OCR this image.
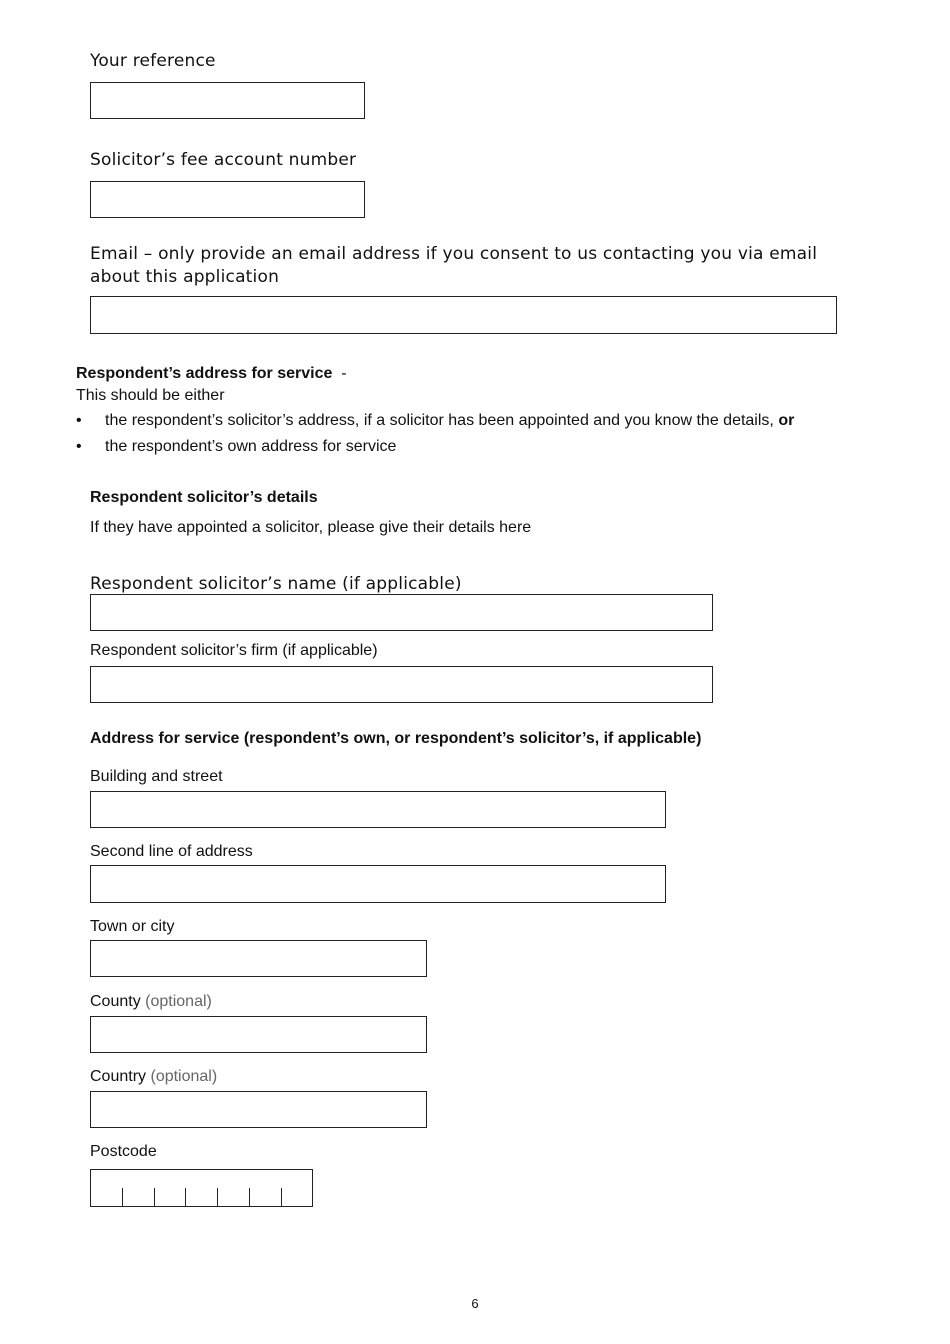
Your reference
Solicitor’s fee account number
Email – only provide an email address if you consent to us contacting you via email about this application
Respondent’s address for service -
This should be either
• the respondent’s solicitor’s address, if a solicitor has been appointed and you know the details, or
• the respondent’s own address for service
Respondent solicitor’s details
If they have appointed a solicitor, please give their details here
Respondent solicitor’s name (if applicable)
Respondent solicitor’s firm (if applicable)
Address for service (respondent’s own, or respondent’s solicitor’s, if applicable)
Building and street
Second line of address
Town or city
County (optional)
Country (optional)
Postcode
6
